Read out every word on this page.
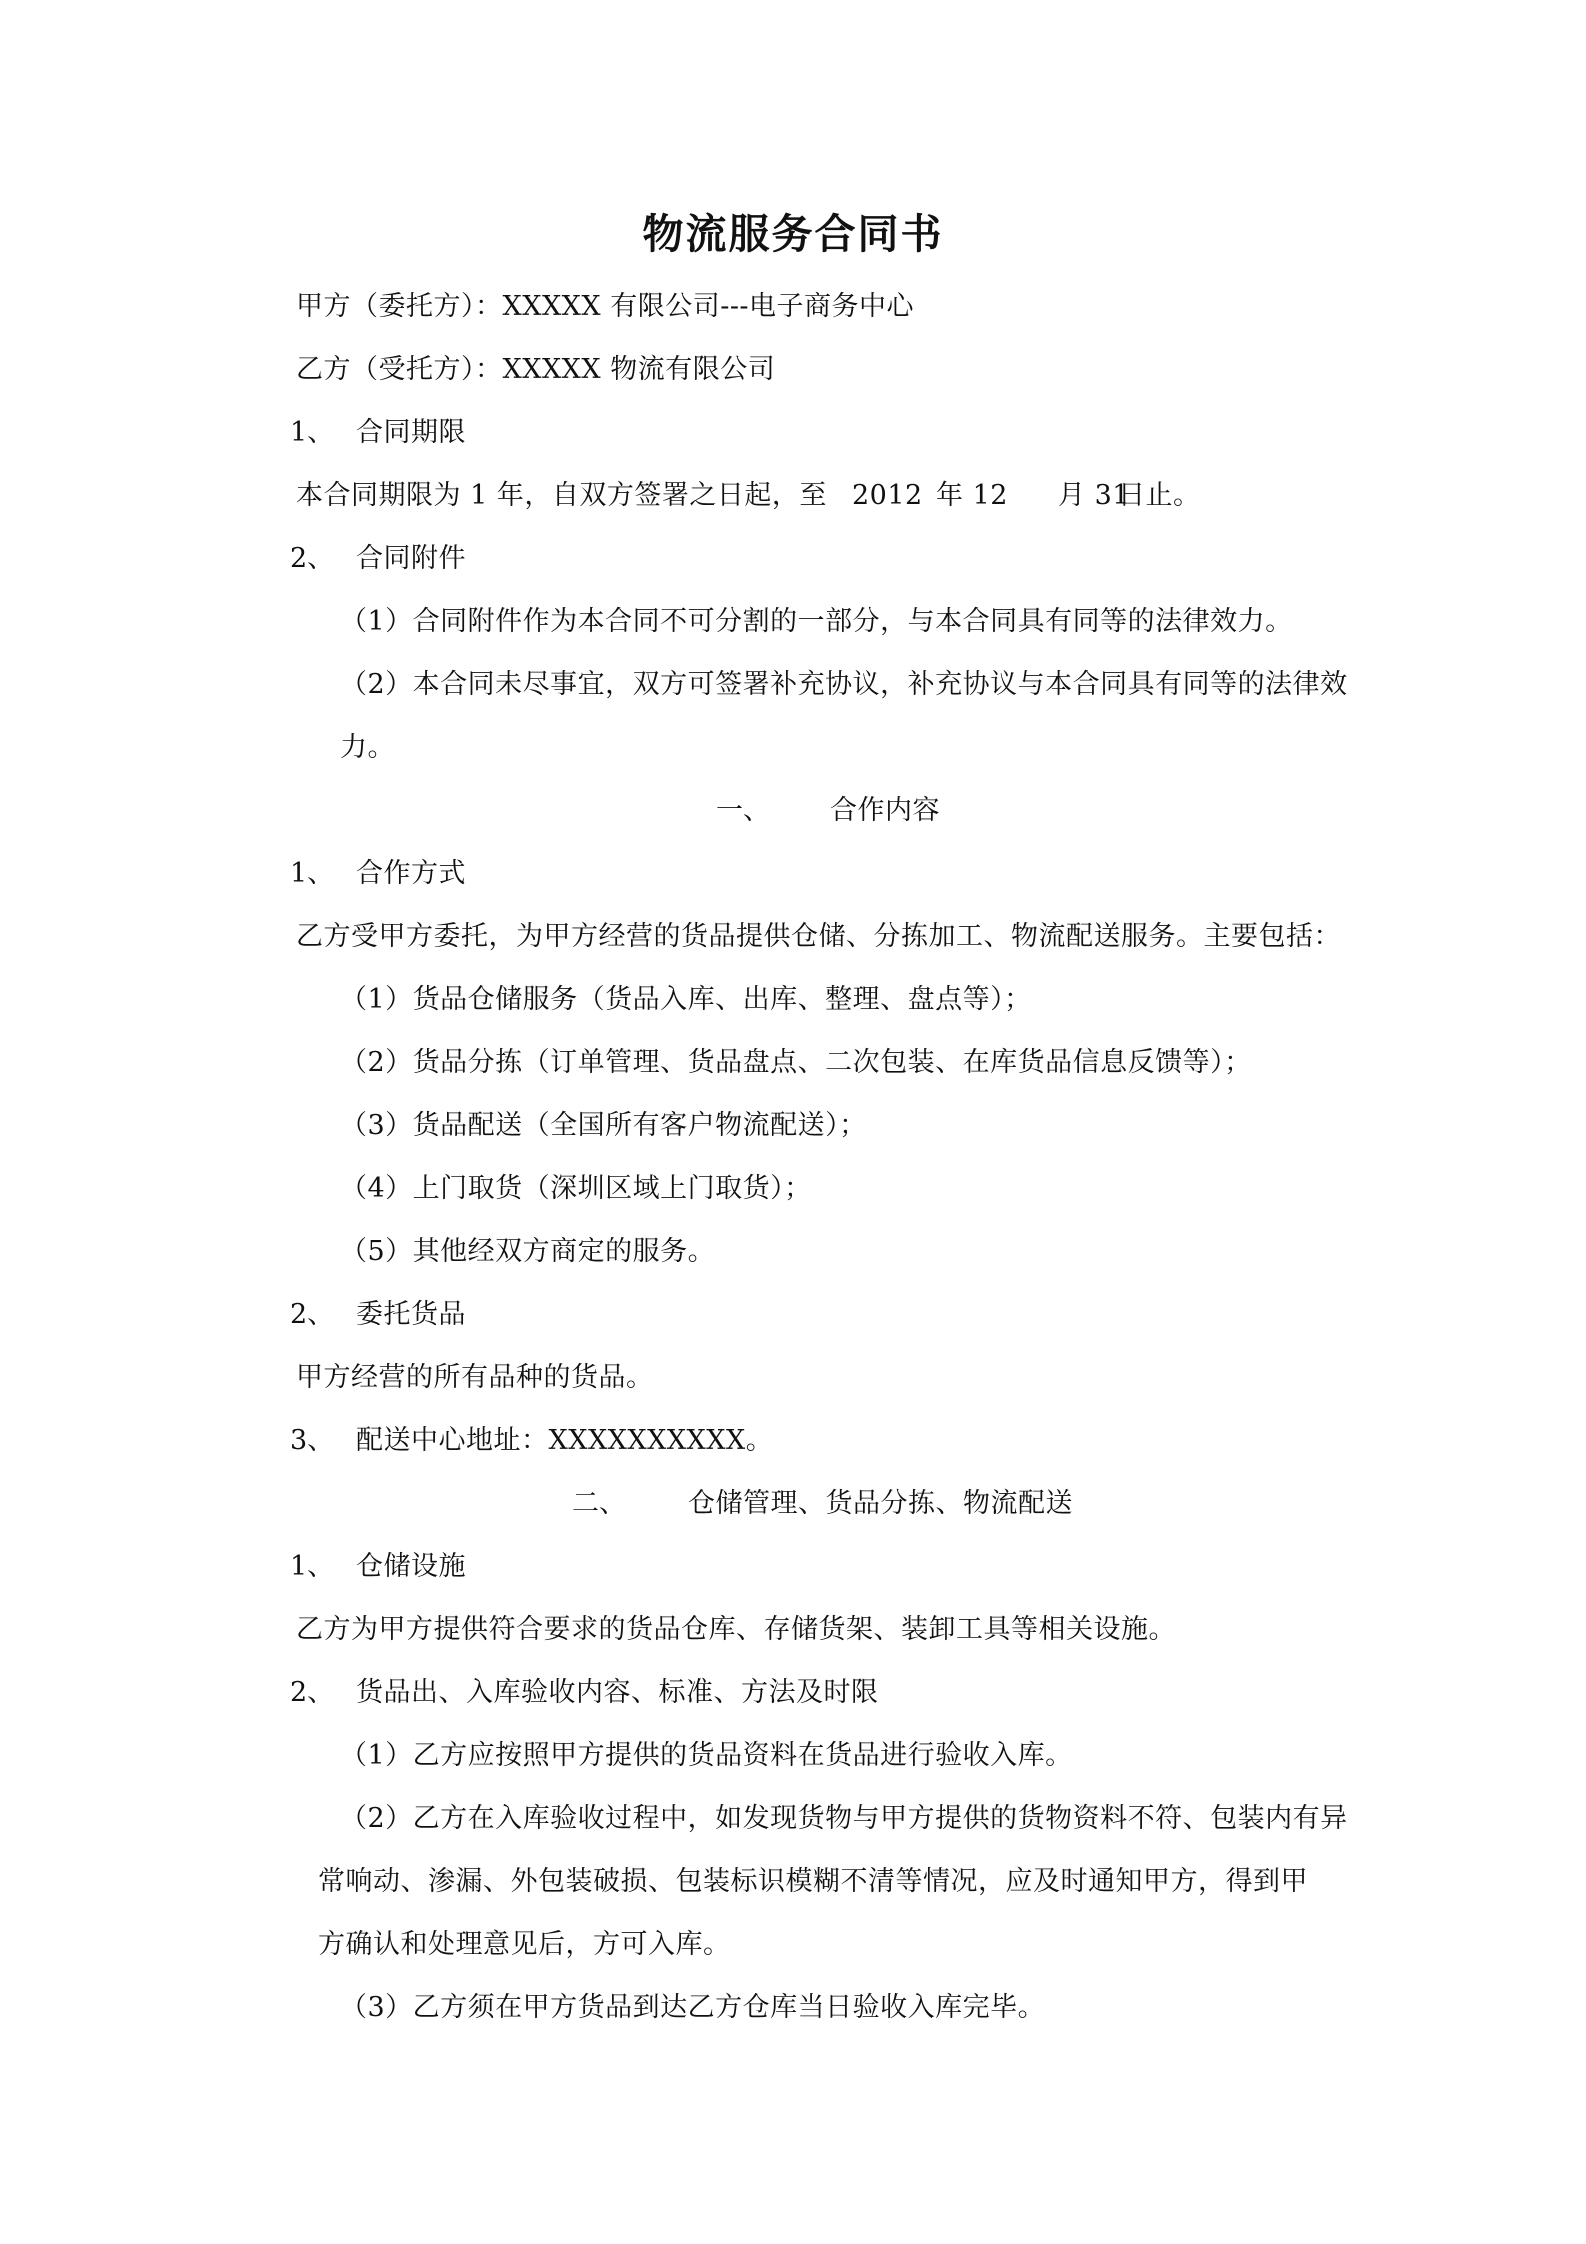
物流服务合同书
甲方（委托方）：XXXXX 有限公司---电子商务中心
乙方（受托方）：XXXXX 物流有限公司
1、 合同期限
本合同期限为 1 年，自双方签署之日起，至 2012 年 12 月 31
日止。
2、 合同附件
（1）合同附件作为本合同不可分割的一部分，与本合同具有同等的法律效力。
（2）本合同未尽事宜，双方可签署补充协议，补充协议与本合同具有同等的法律效
力。
一、 合作内容
1、 合作方式
乙方受甲方委托，为甲方经营的货品提供仓储、分拣加工、物流配送服务。主要包括：
（1）货品仓储服务（货品入库、出库、整理、盘点等）；
（2）货品分拣（订单管理、货品盘点、二次包装、在库货品信息反馈等）；
（3）货品配送（全国所有客户物流配送）；
（4）上门取货（深圳区域上门取货）；
（5）其他经双方商定的服务。
2、 委托货品
甲方经营的所有品种的货品。
3、 配送中心地址：XXXXXXXXXX。
二、 仓储管理、货品分拣、物流配送
1、 仓储设施
乙方为甲方提供符合要求的货品仓库、存储货架、装卸工具等相关设施。
2、 货品出、入库验收内容、标准、方法及时限
（1）乙方应按照甲方提供的货品资料在货品进行验收入库。
（2）乙方在入库验收过程中，如发现货物与甲方提供的货物资料不符、包装内有异
常响动、渗漏、外包装破损、包装标识模糊不清等情况，应及时通知甲方，得到甲
方确认和处理意见后，方可入库。
（3）乙方须在甲方货品到达乙方仓库当日验收入库完毕。
